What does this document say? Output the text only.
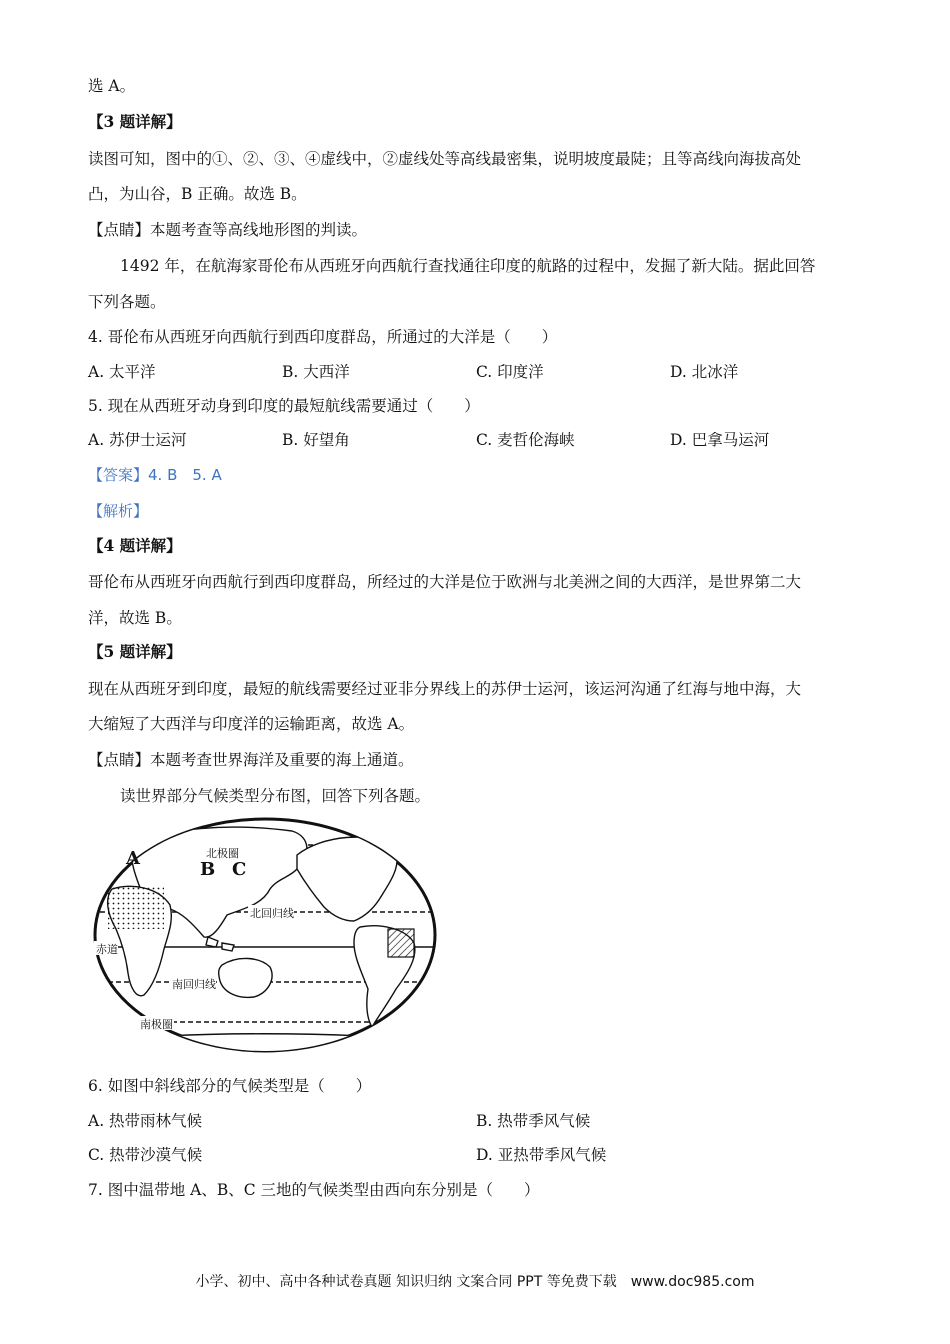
选 A。
【3 题详解】
读图可知，图中的①、②、③、④虚线中，②虚线处等高线最密集，说明坡度最陡；且等高线向海拔高处
凸，为山谷，B 正确。故选 B。
【点睛】本题考查等高线地形图的判读。
1492 年，在航海家哥伦布从西班牙向西航行查找通往印度的航路的过程中，发掘了新大陆。据此回答
下列各题。
4. 哥伦布从西班牙向西航行到西印度群岛，所通过的大洋是（　　）
A. 太平洋	B. 大西洋	C. 印度洋	D. 北冰洋
5. 现在从西班牙动身到印度的最短航线需要通过（　　）
A. 苏伊士运河	B. 好望角	C. 麦哲伦海峡	D. 巴拿马运河
【答案】4. B　5. A
【解析】
【4 题详解】
哥伦布从西班牙向西航行到西印度群岛，所经过的大洋是位于欧洲与北美洲之间的大西洋，是世界第二大
洋，故选 B。
【5 题详解】
现在从西班牙到印度，最短的航线需要经过亚非分界线上的苏伊士运河，该运河沟通了红海与地中海，大
大缩短了大西洋与印度洋的运输距离，故选 A。
【点睛】本题考查世界海洋及重要的海上通道。
读世界部分气候类型分布图，回答下列各题。
北极圈
北回归线
赤道
南回归线
南极圈
A
B C
6. 如图中斜线部分的气候类型是（　　）
A. 热带雨林气候	B. 热带季风气候
C. 热带沙漠气候	D. 亚热带季风气候
7. 图中温带地 A、B、C 三地的气候类型由西向东分别是（　　）
小学、初中、高中各种试卷真题 知识归纳 文案合同 PPT 等免费下载　www.doc985.com
